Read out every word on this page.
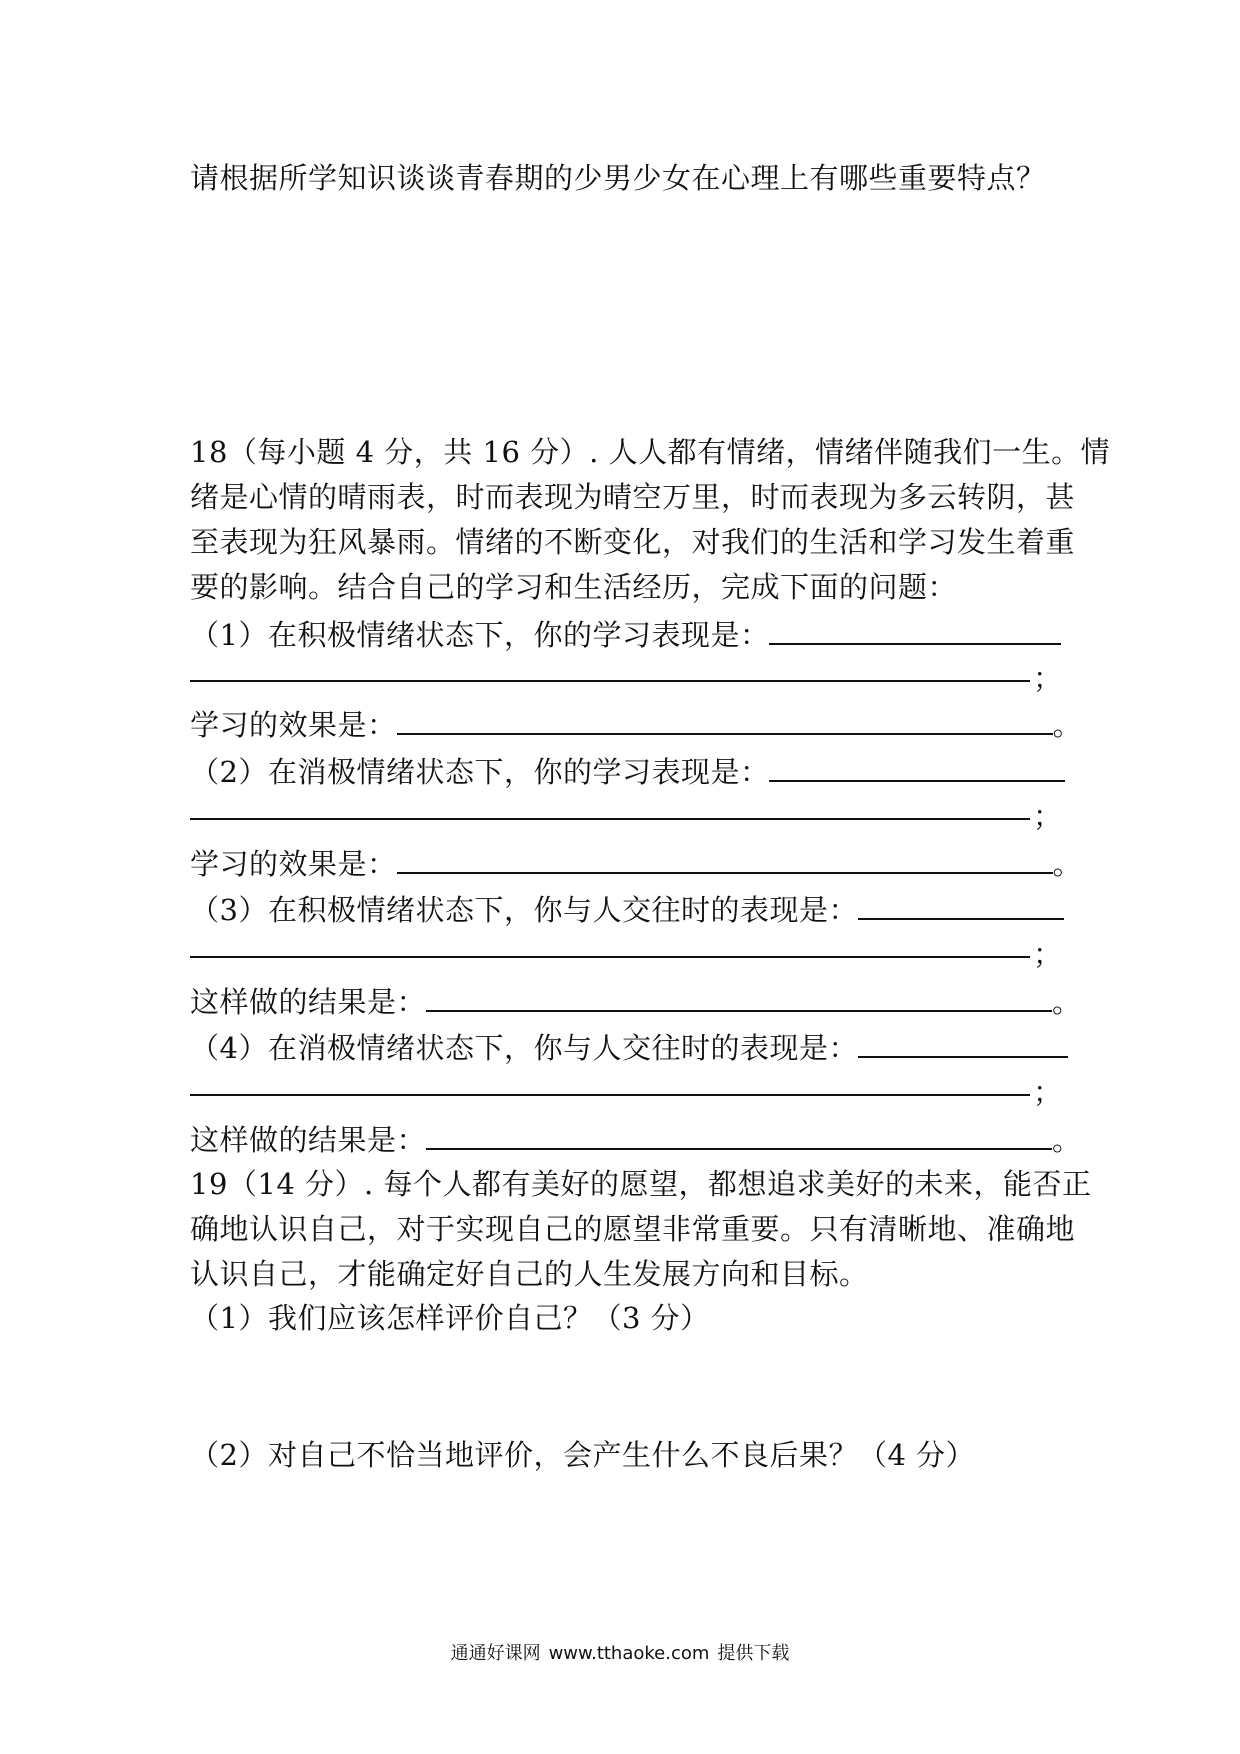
请根据所学知识谈谈青春期的少男少女在心理上有哪些重要特点？
18（每小题 4 分，共 16 分）. 人人都有情绪，情绪伴随我们一生。情
绪是心情的晴雨表，时而表现为晴空万里，时而表现为多云转阴，甚
至表现为狂风暴雨。情绪的不断变化，对我们的生活和学习发生着重
要的影响。结合自己的学习和生活经历，完成下面的问题：
（1）在积极情绪状态下，你的学习表现是：
；
学习的效果是：	。
（2）在消极情绪状态下，你的学习表现是：
；
学习的效果是：	。
（3）在积极情绪状态下，你与人交往时的表现是：
；
这样做的结果是：	。
（4）在消极情绪状态下，你与人交往时的表现是：
；
这样做的结果是：	。
19（14 分）. 每个人都有美好的愿望，都想追求美好的未来，能否正
确地认识自己，对于实现自己的愿望非常重要。只有清晰地、准确地
认识自己，才能确定好自己的人生发展方向和目标。
（1）我们应该怎样评价自己？（3 分）
（2）对自己不恰当地评价，会产生什么不良后果？（4 分）
通通好课网 www.tthaoke.com 提供下载
